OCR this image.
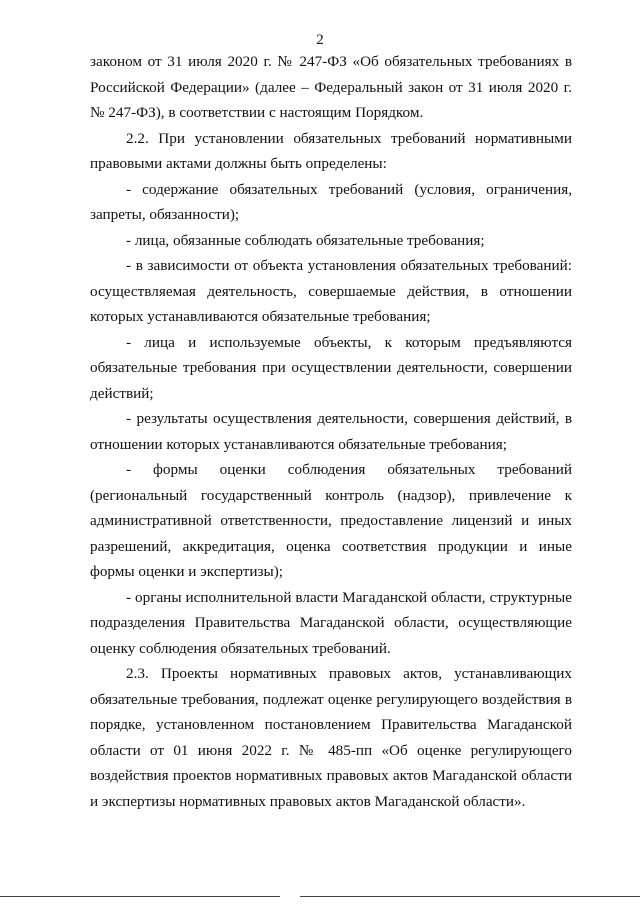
2

законом от 31 июля 2020 г. № 247-ФЗ «Об обязательных требованиях в Российской Федерации» (далее – Федеральный закон от 31 июля 2020 г. № 247-ФЗ), в соответствии с настоящим Порядком.

2.2. При установлении обязательных требований нормативными правовыми актами должны быть определены:

- содержание обязательных требований (условия, ограничения, запреты, обязанности);

- лица, обязанные соблюдать обязательные требования;

- в зависимости от объекта установления обязательных требований: осуществляемая деятельность, совершаемые действия, в отношении которых устанавливаются обязательные требования;

- лица и используемые объекты, к которым предъявляются обязательные требования при осуществлении деятельности, совершении действий;

- результаты осуществления деятельности, совершения действий, в отношении которых устанавливаются обязательные требования;

- формы оценки соблюдения обязательных требований (региональный государственный контроль (надзор), привлечение к административной ответственности, предоставление лицензий и иных разрешений, аккредитация, оценка соответствия продукции и иные формы оценки и экспертизы);

- органы исполнительной власти Магаданской области, структурные подразделения Правительства Магаданской области, осуществляющие оценку соблюдения обязательных требований.

2.3. Проекты нормативных правовых актов, устанавливающих обязательные требования, подлежат оценке регулирующего воздействия в порядке, установленном постановлением Правительства Магаданской области от 01 июня 2022 г. № 485-пп «Об оценке регулирующего воздействия проектов нормативных правовых актов Магаданской области и экспертизы нормативных правовых актов Магаданской области».
